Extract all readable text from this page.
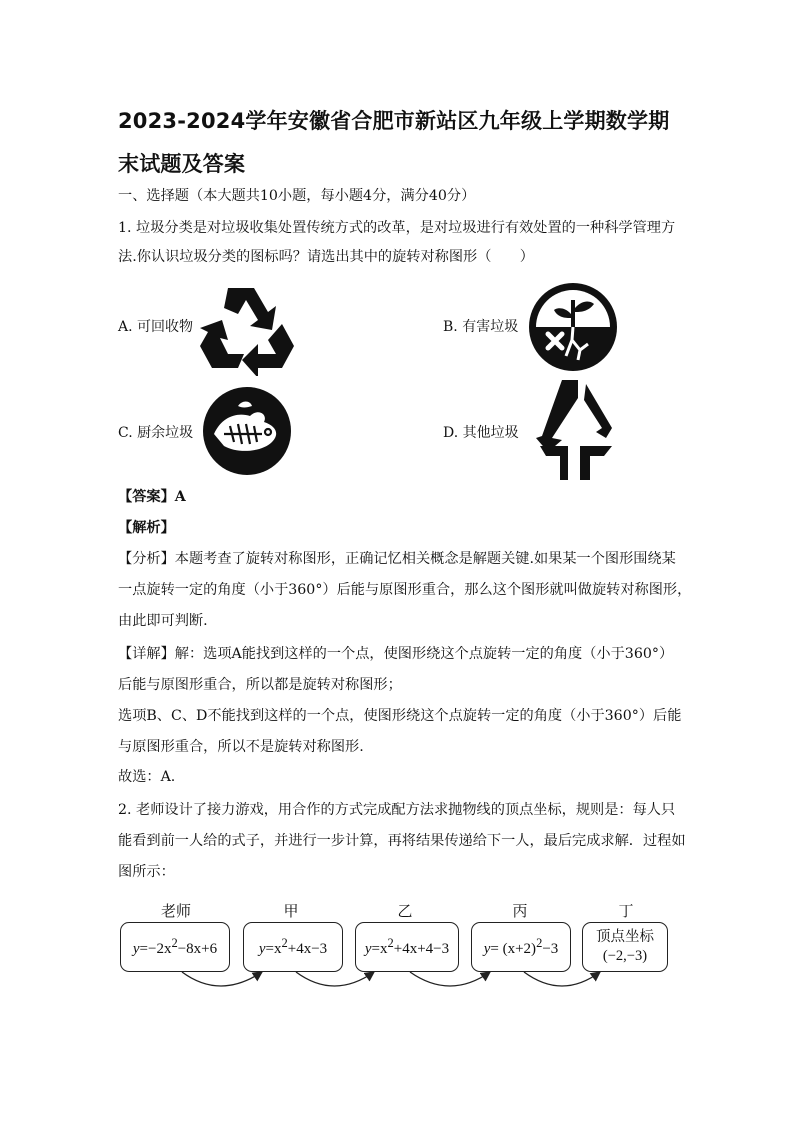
2023-2024学年安徽省合肥市新站区九年级上学期数学期末试题及答案
一、选择题（本大题共10小题，每小题4分，满分40分）
1. 垃圾分类是对垃圾收集处置传统方式的改革，是对垃圾进行有效处置的一种科学管理方
法.你认识垃圾分类的图标吗？请选出其中的旋转对称图形（　　）
A. 可回收物	B. 有害垃圾
C. 厨余垃圾	D. 其他垃圾
【答案】A
【解析】
【分析】本题考查了旋转对称图形，正确记忆相关概念是解题关键.如果某一个图形围绕某
一点旋转一定的角度（小于360°）后能与原图形重合，那么这个图形就叫做旋转对称图形，
由此即可判断.
【详解】解：选项A能找到这样的一个点，使图形绕这个点旋转一定的角度（小于360°）
后能与原图形重合，所以都是旋转对称图形；
选项B、C、D不能找到这样的一个点，使图形绕这个点旋转一定的角度（小于360°）后能
与原图形重合，所以不是旋转对称图形.
故选：A.
2. 老师设计了接力游戏，用合作的方式完成配方法求抛物线的顶点坐标，规则是：每人只
能看到前一人给的式子，并进行一步计算，再将结果传递给下一人，最后完成求解．过程如
图所示：
老师	甲	乙	丙	丁
$y=-2x^2-8x+6$	$y=x^2+4x-3$	$y=x^2+4x+4-3$ $y= (x+2)^2-3$
顶点坐标
(−2,−3)
